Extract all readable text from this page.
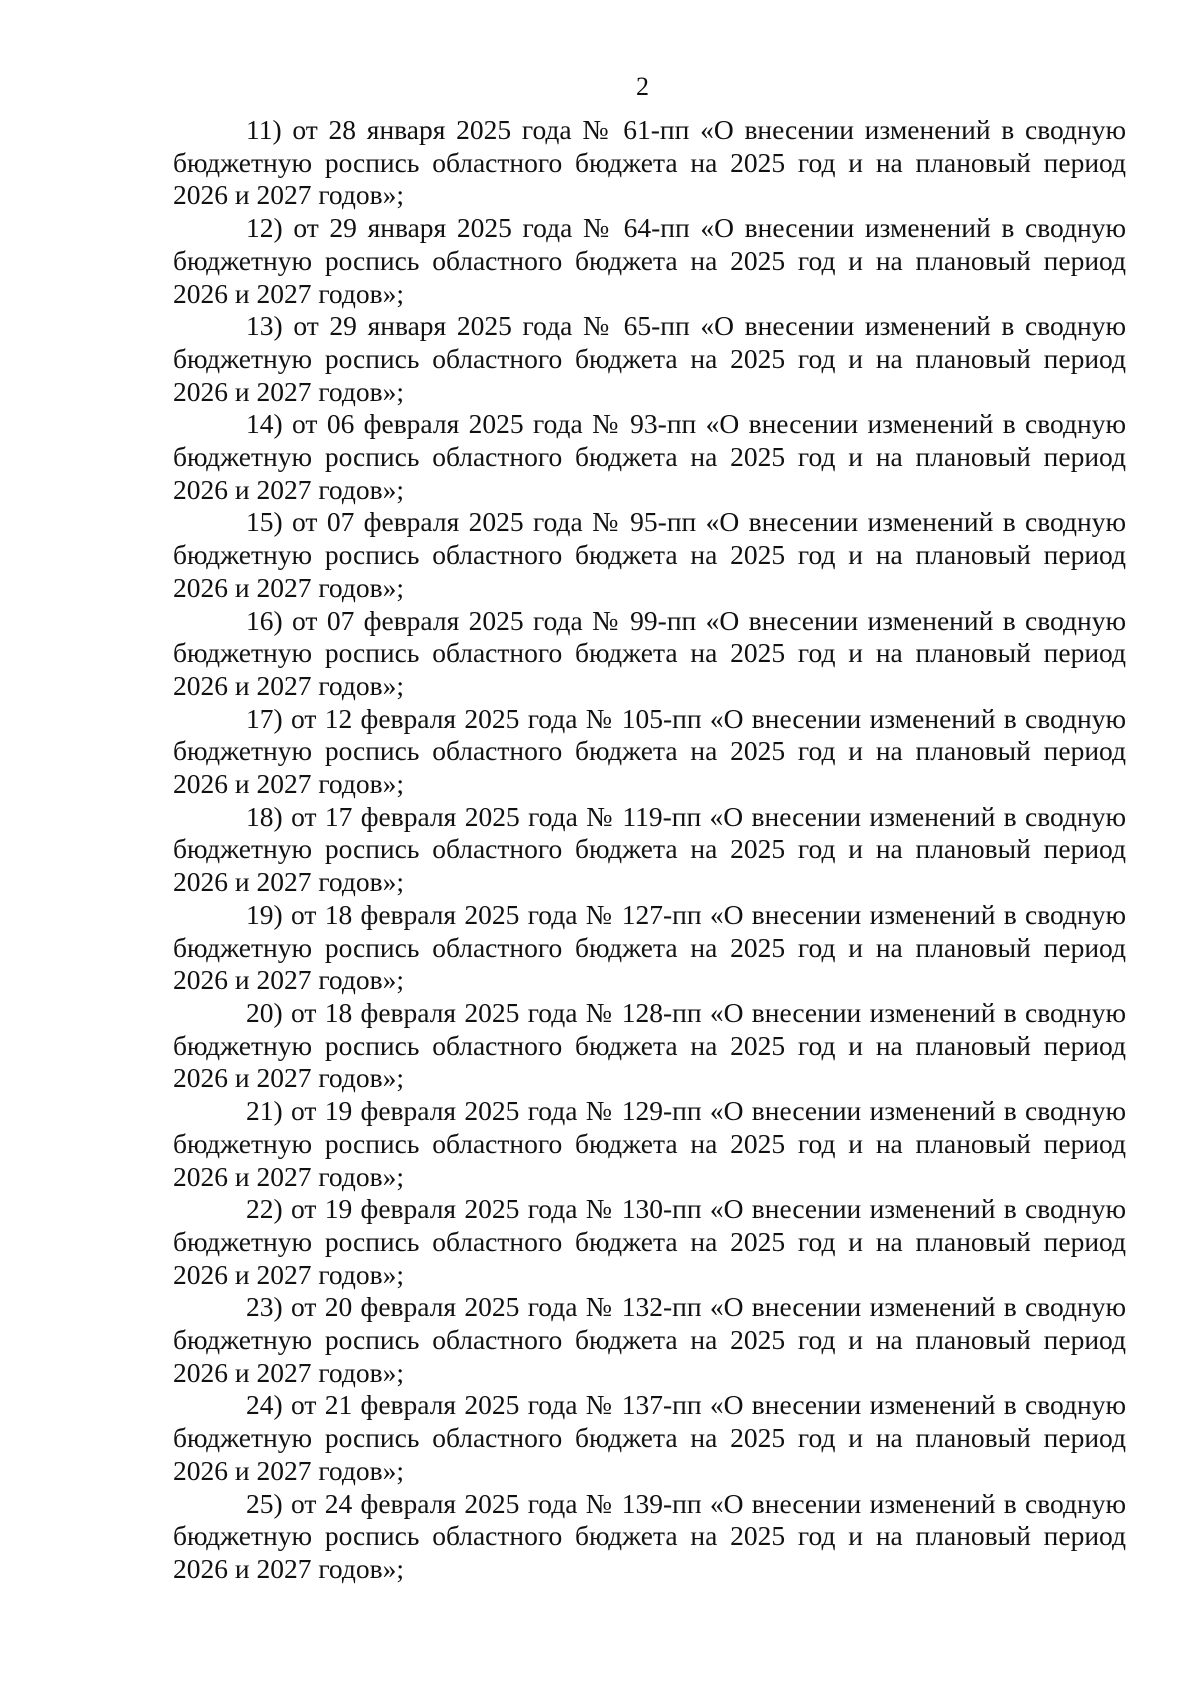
2

11) от 28 января 2025 года № 61-пп «О внесении изменений в сводную бюджетную роспись областного бюджета на 2025 год и на плановый период 2026 и 2027 годов»;

12) от 29 января 2025 года № 64-пп «О внесении изменений в сводную бюджетную роспись областного бюджета на 2025 год и на плановый период 2026 и 2027 годов»;

13) от 29 января 2025 года № 65-пп «О внесении изменений в сводную бюджетную роспись областного бюджета на 2025 год и на плановый период 2026 и 2027 годов»;

14) от 06 февраля 2025 года № 93-пп «О внесении изменений в сводную бюджетную роспись областного бюджета на 2025 год и на плановый период 2026 и 2027 годов»;

15) от 07 февраля 2025 года № 95-пп «О внесении изменений в сводную бюджетную роспись областного бюджета на 2025 год и на плановый период 2026 и 2027 годов»;

16) от 07 февраля 2025 года № 99-пп «О внесении изменений в сводную бюджетную роспись областного бюджета на 2025 год и на плановый период 2026 и 2027 годов»;

17) от 12 февраля 2025 года № 105-пп «О внесении изменений в сводную бюджетную роспись областного бюджета на 2025 год и на плановый период 2026 и 2027 годов»;

18) от 17 февраля 2025 года № 119-пп «О внесении изменений в сводную бюджетную роспись областного бюджета на 2025 год и на плановый период 2026 и 2027 годов»;

19) от 18 февраля 2025 года № 127-пп «О внесении изменений в сводную бюджетную роспись областного бюджета на 2025 год и на плановый период 2026 и 2027 годов»;

20) от 18 февраля 2025 года № 128-пп «О внесении изменений в сводную бюджетную роспись областного бюджета на 2025 год и на плановый период 2026 и 2027 годов»;

21) от 19 февраля 2025 года № 129-пп «О внесении изменений в сводную бюджетную роспись областного бюджета на 2025 год и на плановый период 2026 и 2027 годов»;

22) от 19 февраля 2025 года № 130-пп «О внесении изменений в сводную бюджетную роспись областного бюджета на 2025 год и на плановый период 2026 и 2027 годов»;

23) от 20 февраля 2025 года № 132-пп «О внесении изменений в сводную бюджетную роспись областного бюджета на 2025 год и на плановый период 2026 и 2027 годов»;

24) от 21 февраля 2025 года № 137-пп «О внесении изменений в сводную бюджетную роспись областного бюджета на 2025 год и на плановый период 2026 и 2027 годов»;

25) от 24 февраля 2025 года № 139-пп «О внесении изменений в сводную бюджетную роспись областного бюджета на 2025 год и на плановый период 2026 и 2027 годов»;
